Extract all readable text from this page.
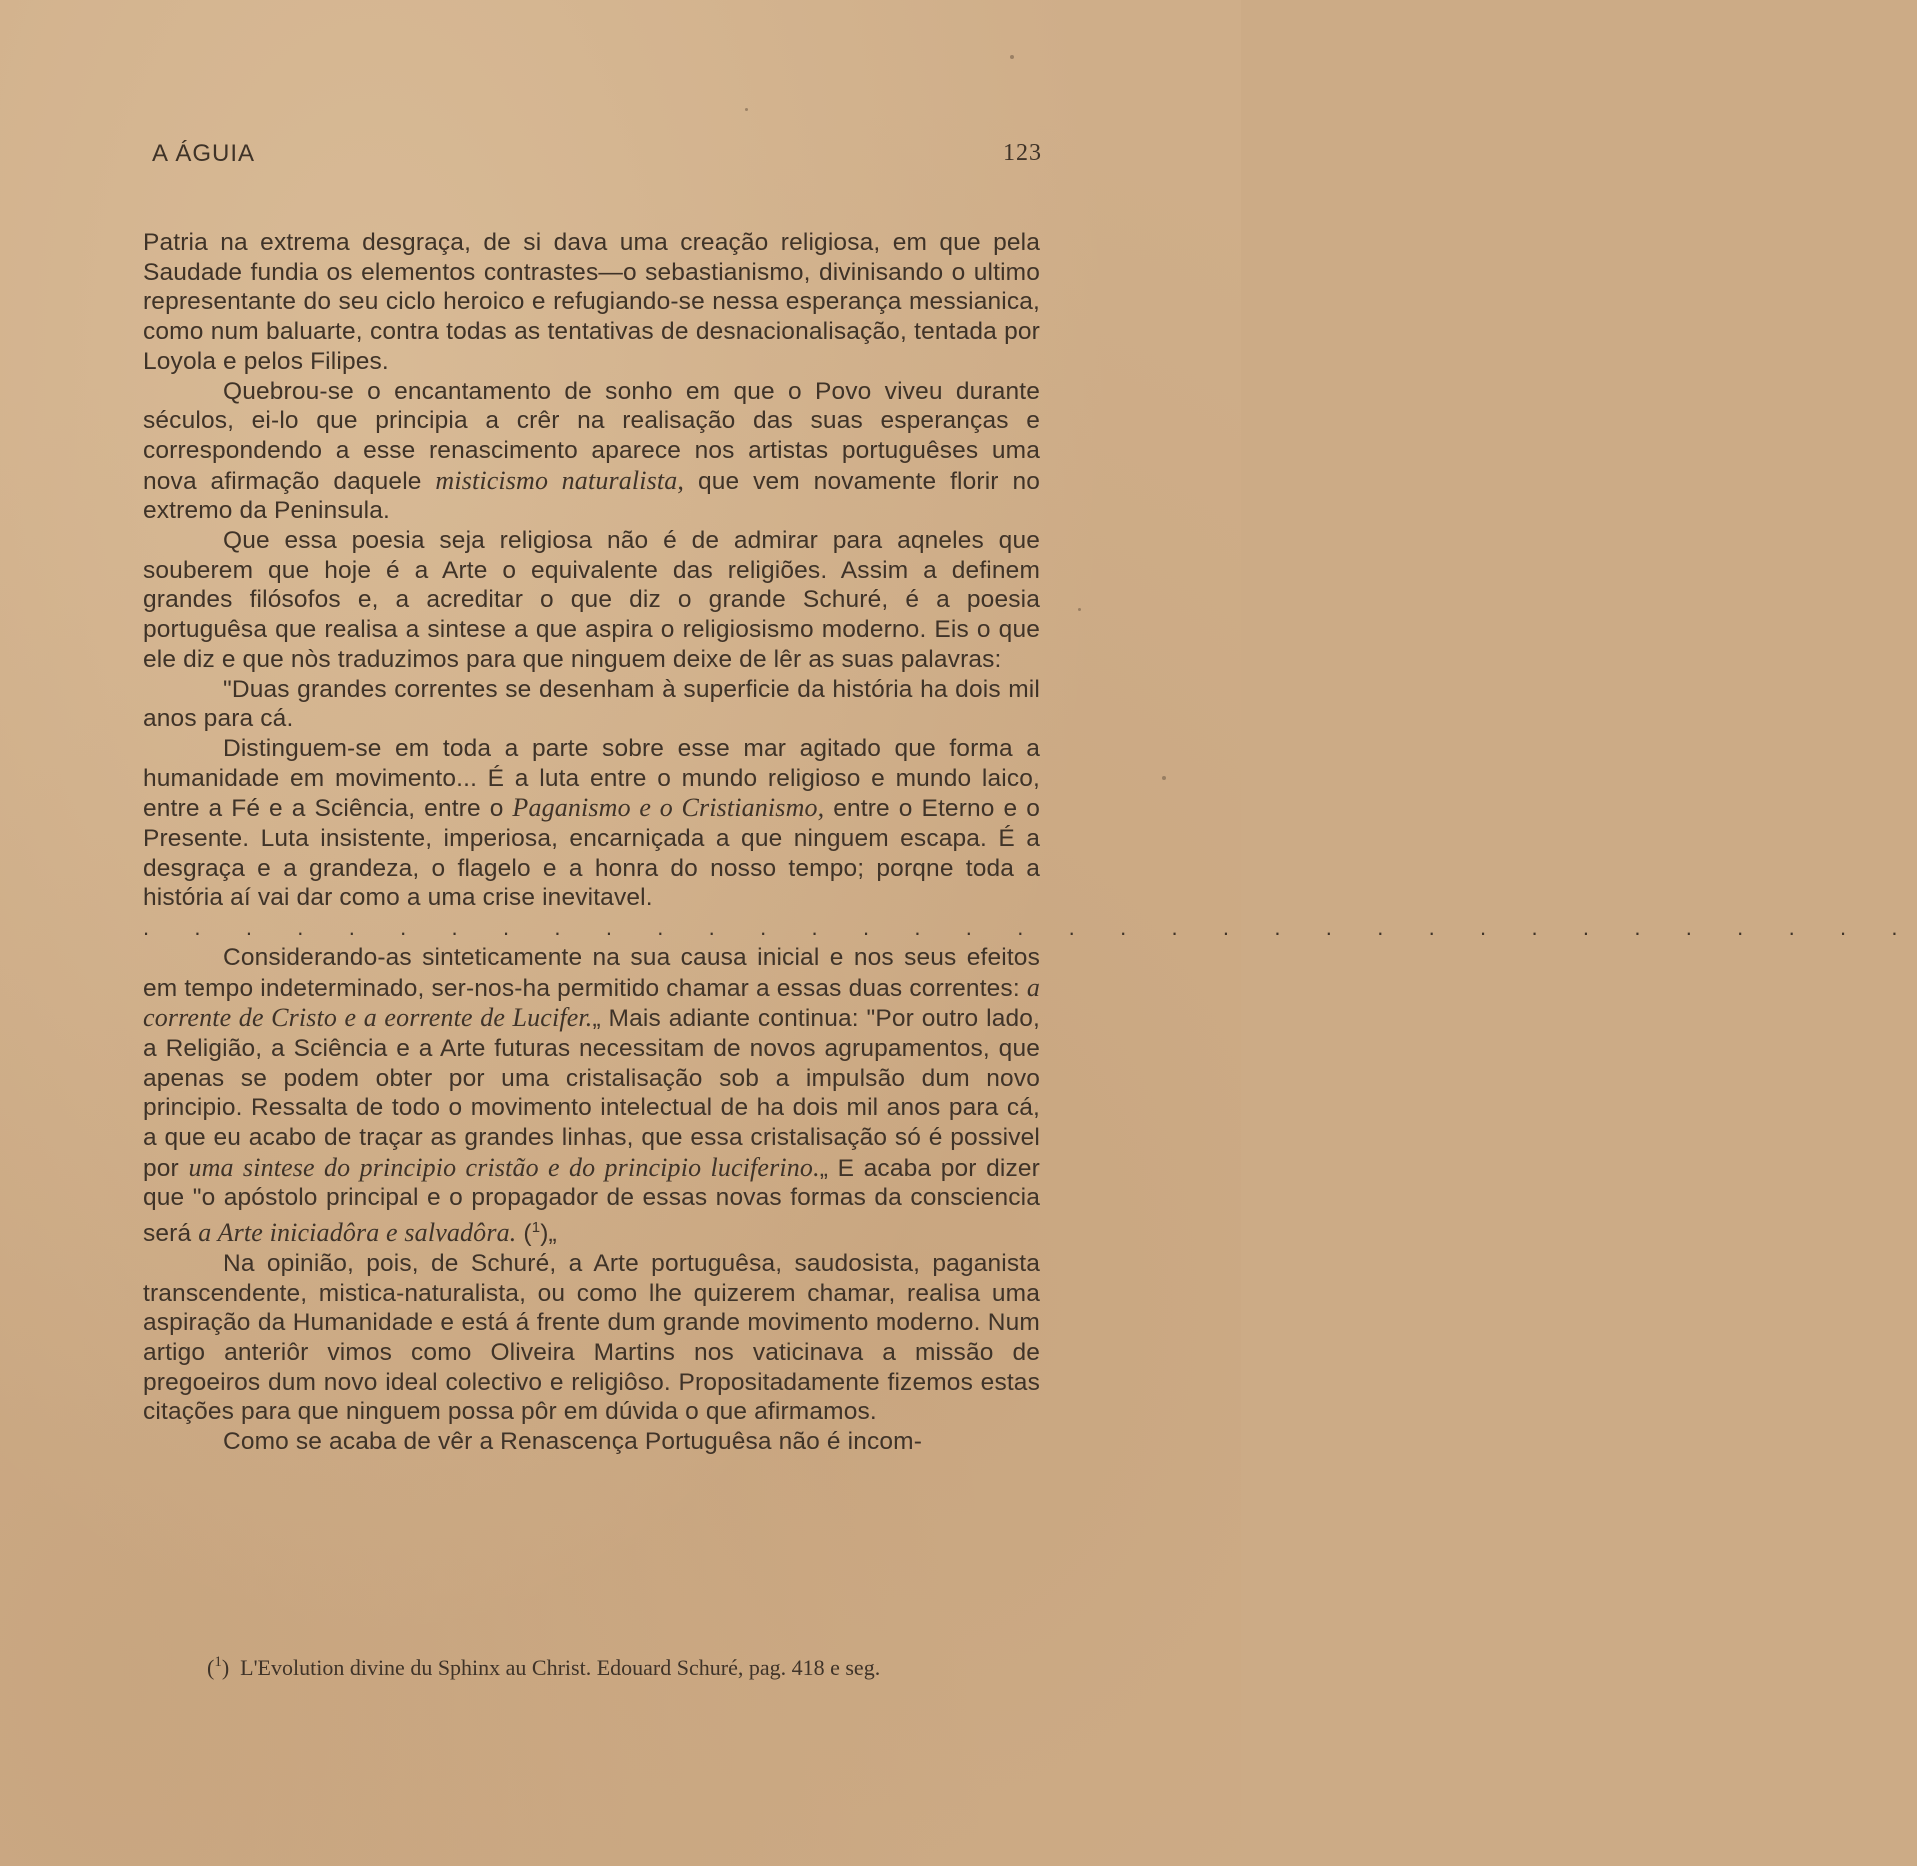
A ÁGUIA	123

Patria na extrema desgraça, de si dava uma creação religiosa, em que pela Saudade fundia os elementos contrastes—o sebastianismo, divinisando o ultimo representante do seu ciclo heroico e refugiando-se nessa esperança messianica, como num baluarte, contra todas as tentativas de desnacionalisação, tentada por Loyola e pelos Filipes.

Quebrou-se o encantamento de sonho em que o Povo viveu durante séculos, ei-lo que principia a crêr na realisação das suas esperanças e correspondendo a esse renascimento aparece nos artistas portuguêses uma nova afirmação daquele misticismo naturalista, que vem novamente florir no extremo da Peninsula.

Que essa poesia seja religiosa não é de admirar para aqneles que souberem que hoje é a Arte o equivalente das religiões. Assim a definem grandes filósofos e, a acreditar o que diz o grande Schuré, é a poesia portuguêsa que realisa a sintese a que aspira o religiosismo moderno. Eis o que ele diz e que nòs traduzimos para que ninguem deixe de lêr as suas palavras:

"Duas grandes correntes se desenham à superficie da história ha dois mil anos para cá.

Distinguem-se em toda a parte sobre esse mar agitado que forma a humanidade em movimento... É a luta entre o mundo religioso e mundo laico, entre a Fé e a Sciência, entre o Paganismo e o Cristianismo, entre o Eterno e o Presente. Luta insistente, imperiosa, encarniçada a que ninguem escapa. É a desgraça e a grandeza, o flagelo e a honra do nosso tempo; porqne toda a história aí vai dar como a uma crise inevitavel.

. . . . . . . . . . . . . . . . . . . . . . . . . . . . . . . . . . .

Considerando-as sinteticamente na sua causa inicial e nos seus efeitos em tempo indeterminado, ser-nos-ha permitido chamar a essas duas correntes: a corrente de Cristo e a eorrente de Lucifer.„ Mais adiante continua: "Por outro lado, a Religião, a Sciência e a Arte futuras necessitam de novos agrupamentos, que apenas se podem obter por uma cristalisação sob a impulsão dum novo principio. Ressalta de todo o movimento intelectual de ha dois mil anos para cá, a que eu acabo de traçar as grandes linhas, que essa cristalisação só é possivel por uma sintese do principio cristão e do principio luciferino.„ E acaba por dizer que "o apóstolo principal e o propagador de essas novas formas da consciencia será a Arte iniciadôra e salvadôra. ($^1$)„

Na opinião, pois, de Schuré, a Arte portuguêsa, saudosista, paganista transcendente, mistica-naturalista, ou como lhe quizerem chamar, realisa uma aspiração da Humanidade e está á frente dum grande movimento moderno. Num artigo anteriôr vimos como Oliveira Martins nos vaticinava a missão de pregoeiros dum novo ideal colectivo e religiôso. Propositadamente fizemos estas citações para que ninguem possa pôr em dúvida o que afirmamos.

Como se acaba de vêr a Renascença Portuguêsa não é incom-

($^1$) L'Evolution divine du Sphinx au Christ. Edouard Schuré, pag. 418 e seg.
